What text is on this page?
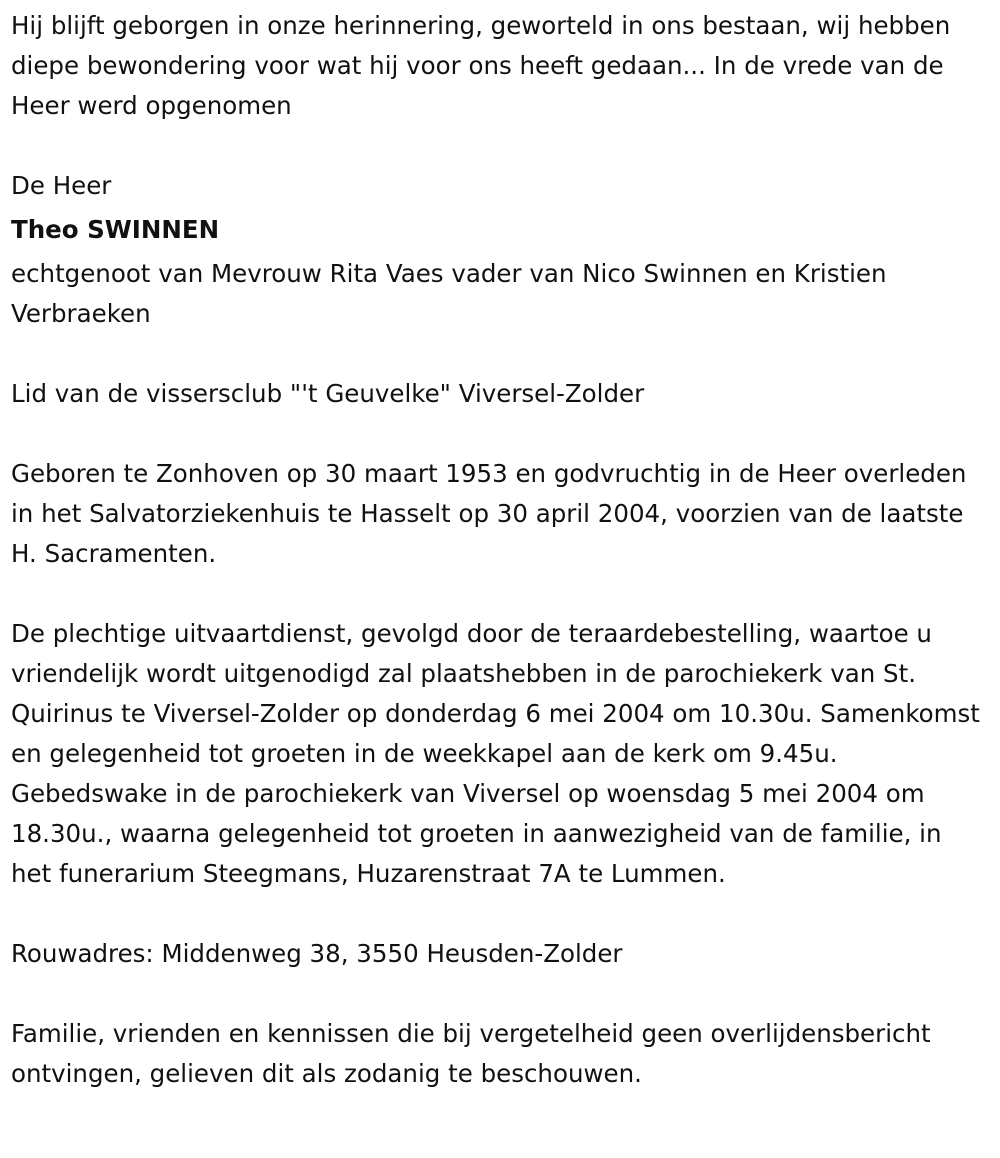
Hij blijft geborgen in onze herinnering, geworteld in ons bestaan, wij hebben diepe bewondering voor wat hij voor ons heeft gedaan... In de vrede van de Heer werd opgenomen

De Heer

Theo SWINNEN

echtgenoot van Mevrouw Rita Vaes vader van Nico Swinnen en Kristien Verbraeken

Lid van de vissersclub "'t Geuvelke" Viversel-Zolder

Geboren te Zonhoven op 30 maart 1953 en godvruchtig in de Heer overleden in het Salvatorziekenhuis te Hasselt op 30 april 2004, voorzien van de laatste H. Sacramenten.

De plechtige uitvaartdienst, gevolgd door de teraardebestelling, waartoe u vriendelijk wordt uitgenodigd zal plaatshebben in de parochiekerk van St. Quirinus te Viversel-Zolder op donderdag 6 mei 2004 om 10.30u. Samenkomst en gelegenheid tot groeten in de weekkapel aan de kerk om 9.45u. Gebedswake in de parochiekerk van Viversel op woensdag 5 mei 2004 om 18.30u., waarna gelegenheid tot groeten in aanwezigheid van de familie, in het funerarium Steegmans, Huzarenstraat 7A te Lummen.

Rouwadres: Middenweg 38, 3550 Heusden-Zolder

Familie, vrienden en kennissen die bij vergetelheid geen overlijdensbericht ontvingen, gelieven dit als zodanig te beschouwen.
